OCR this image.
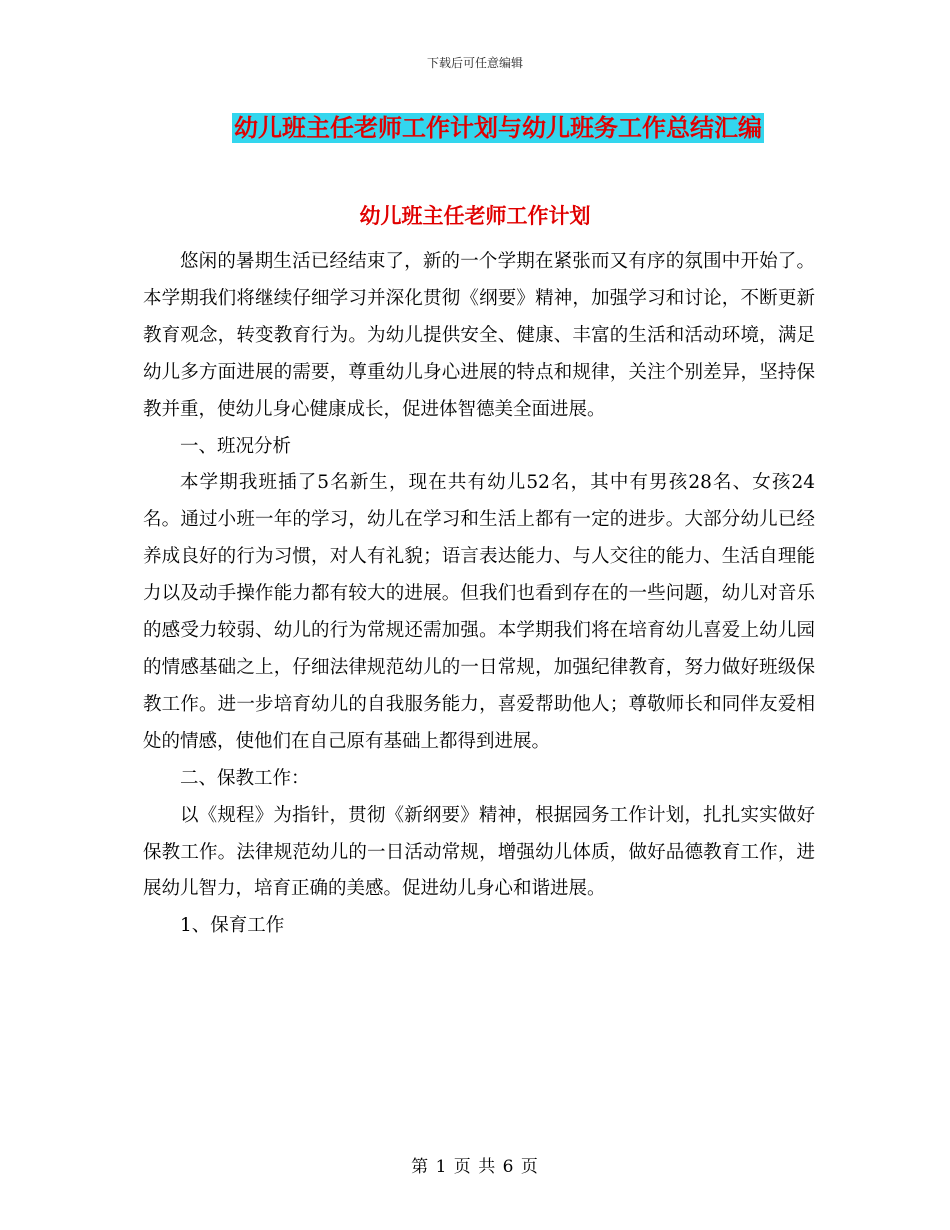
下载后可任意编辑
幼儿班主任老师工作计划与幼儿班务工作总结汇编
幼儿班主任老师工作计划

悠闲的暑期生活已经结束了，新的一个学期在紧张而又有序的氛围中开始了。本学期我们将继续仔细学习并深化贯彻《纲要》精神，加强学习和讨论，不断更新教育观念，转变教育行为。为幼儿提供安全、健康、丰富的生活和活动环境，满足幼儿多方面进展的需要，尊重幼儿身心进展的特点和规律，关注个别差异，坚持保教并重，使幼儿身心健康成长，促进体智德美全面进展。

一、班况分析

本学期我班插了5名新生，现在共有幼儿52名，其中有男孩28名、女孩24名。通过小班一年的学习，幼儿在学习和生活上都有一定的进步。大部分幼儿已经养成良好的行为习惯，对人有礼貌；语言表达能力、与人交往的能力、生活自理能力以及动手操作能力都有较大的进展。但我们也看到存在的一些问题，幼儿对音乐的感受力较弱、幼儿的行为常规还需加强。本学期我们将在培育幼儿喜爱上幼儿园的情感基础之上，仔细法律规范幼儿的一日常规，加强纪律教育，努力做好班级保教工作。进一步培育幼儿的自我服务能力，喜爱帮助他人；尊敬师长和同伴友爱相处的情感，使他们在自己原有基础上都得到进展。

二、保教工作：

以《规程》为指针，贯彻《新纲要》精神，根据园务工作计划，扎扎实实做好保教工作。法律规范幼儿的一日活动常规，增强幼儿体质，做好品德教育工作，进展幼儿智力，培育正确的美感。促进幼儿身心和谐进展。

1、保育工作

第 1 页 共 6 页
